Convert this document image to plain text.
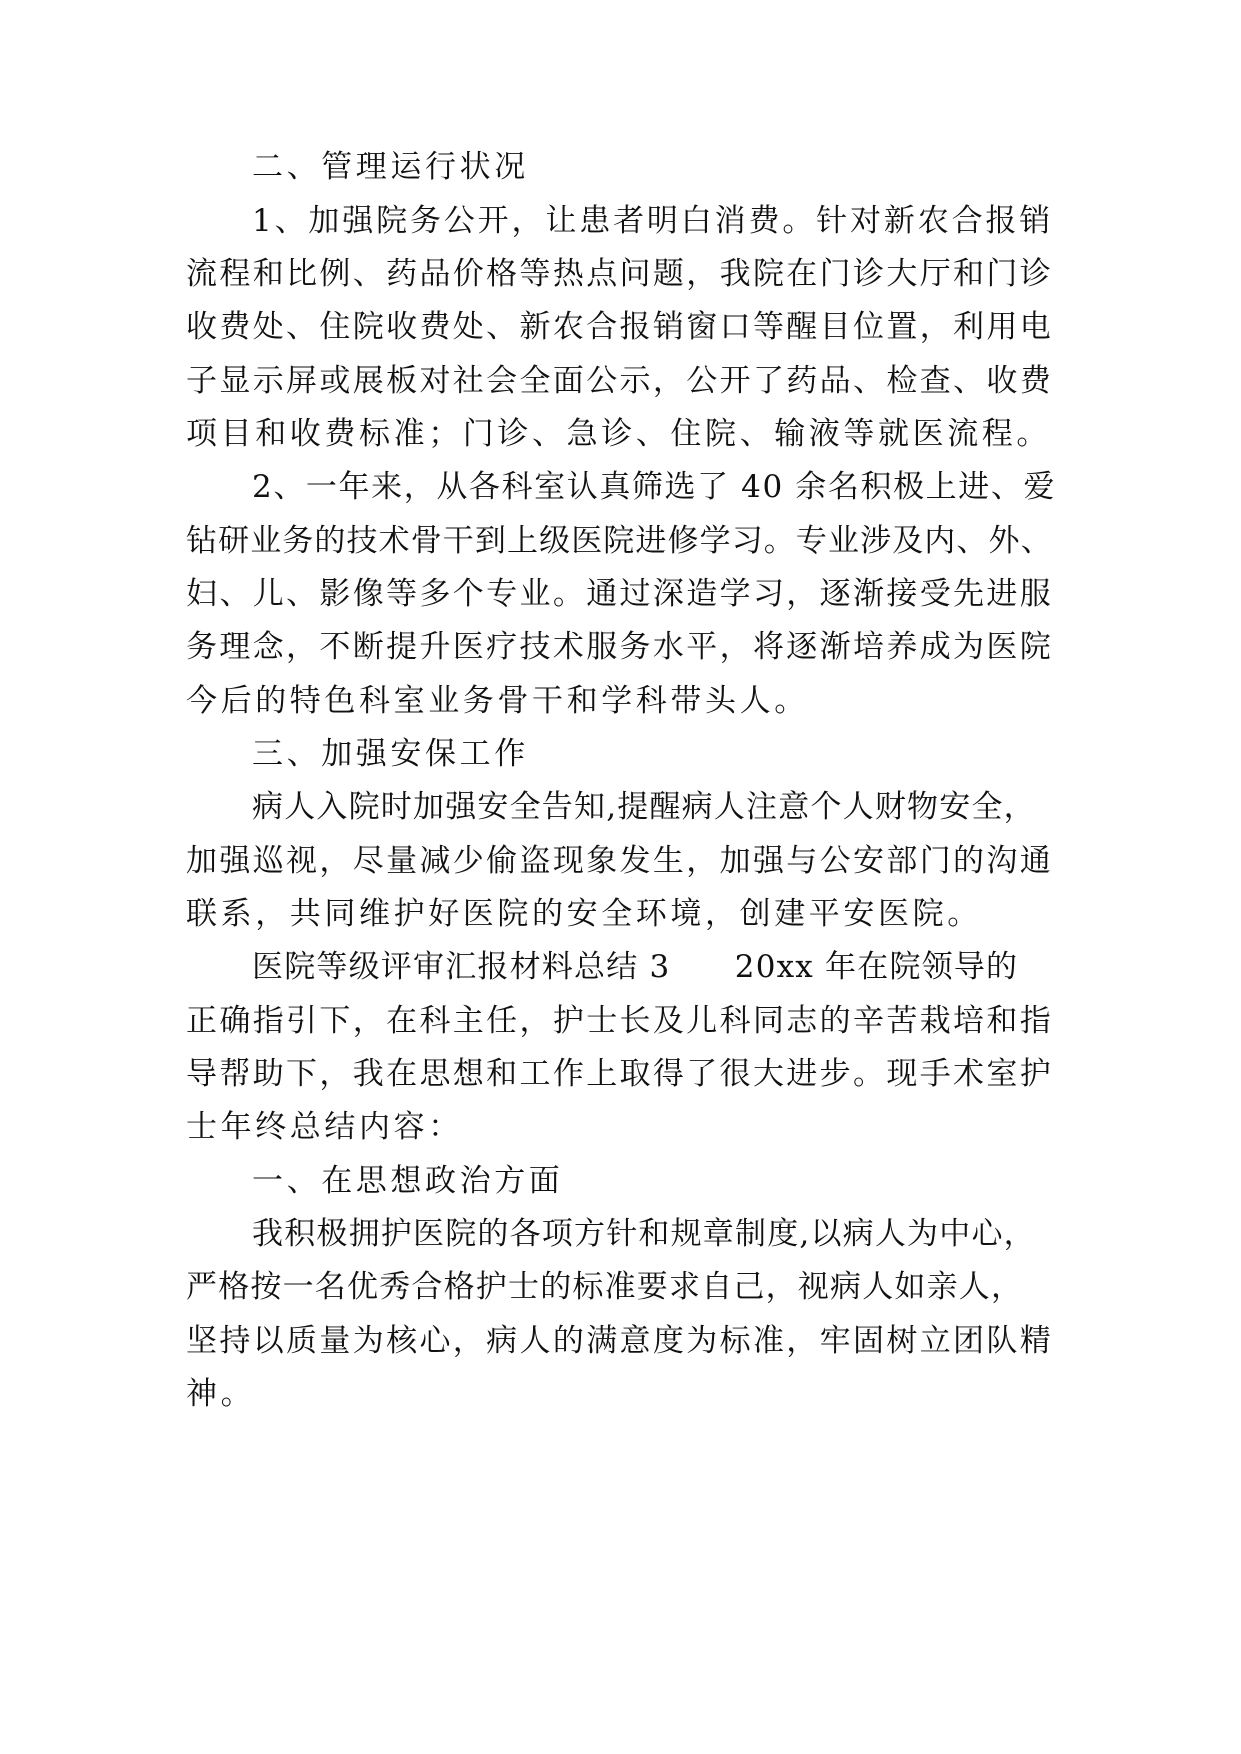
二、管理运行状况

1、加强院务公开，让患者明白消费。针对新农合报销

流程和比例、药品价格等热点问题，我院在门诊大厅和门诊

收费处、住院收费处、新农合报销窗口等醒目位置，利用电

子显示屏或展板对社会全面公示，公开了药品、检查、收费

项目和收费标准；门诊、急诊、住院、输液等就医流程。

2、一年来，从各科室认真筛选了 40 余名积极上进、爱

钻研业务的技术骨干到上级医院进修学习。专业涉及内、外、

妇、儿、影像等多个专业。通过深造学习，逐渐接受先进服

务理念，不断提升医疗技术服务水平，将逐渐培养成为医院

今后的特色科室业务骨干和学科带头人。

三、加强安保工作

病人入院时加强安全告知,提醒病人注意个人财物安全，

加强巡视，尽量减少偷盗现象发生，加强与公安部门的沟通

联系，共同维护好医院的安全环境，创建平安医院。

医院等级评审汇报材料总结 3　　20xx 年在院领导的

正确指引下，在科主任，护士长及儿科同志的辛苦栽培和指

导帮助下，我在思想和工作上取得了很大进步。现手术室护

士年终总结内容：

一、在思想政治方面

我积极拥护医院的各项方针和规章制度,以病人为中心，

严格按一名优秀合格护士的标准要求自己，视病人如亲人，

坚持以质量为核心，病人的满意度为标准，牢固树立团队精

神。
